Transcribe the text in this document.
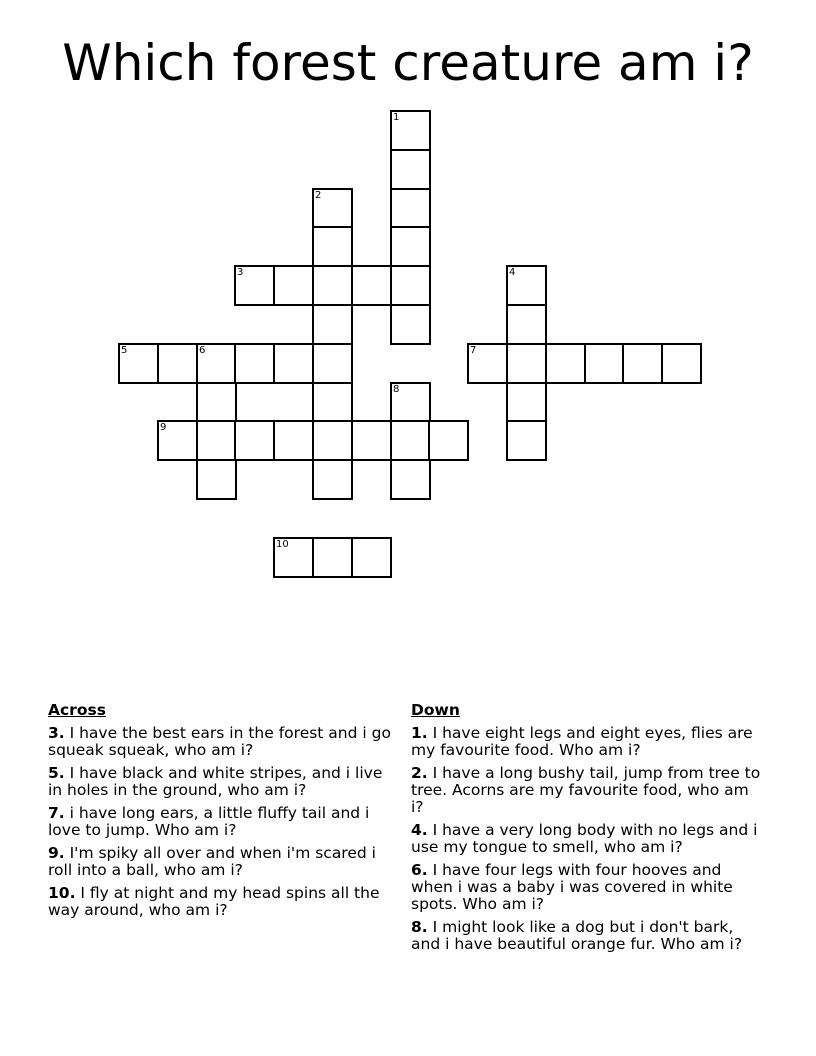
Which forest creature am i?
1
2
3	4
5	6	7
8
9
10
Across
3. I have the best ears in the forest and i go squeak squeak, who am i?
5. I have black and white stripes, and i live in holes in the ground, who am i?
7. i have long ears, a little fluffy tail and i love to jump. Who am i?
9. I'm spiky all over and when i'm scared i roll into a ball, who am i?
10. I fly at night and my head spins all the way around, who am i?
Down
1. I have eight legs and eight eyes, flies are my favourite food. Who am i?
2. I have a long bushy tail, jump from tree to tree. Acorns are my favourite food, who am i?
4. I have a very long body with no legs and i use my tongue to smell, who am i?
6. I have four legs with four hooves and when i was a baby i was covered in white spots. Who am i?
8. I might look like a dog but i don't bark, and i have beautiful orange fur. Who am i?
